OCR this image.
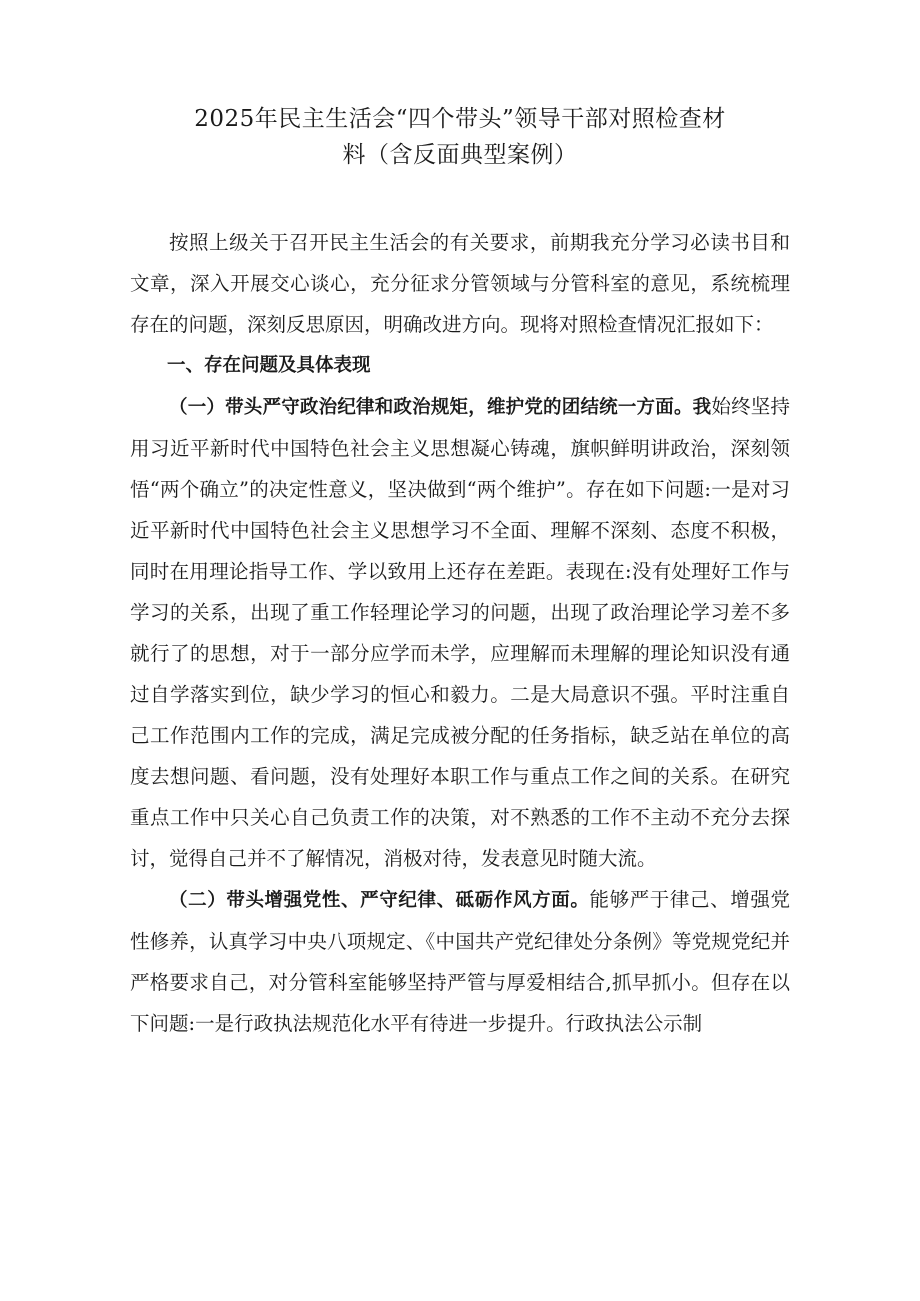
2025年民主生活会“四个带头”领导干部对照检查材
料（含反面典型案例）

按照上级关于召开民主生活会的有关要求，前期我充分学习必读书目和文章，深入开展交心谈心，充分征求分管领域与分管科室的意见，系统梳理存在的问题，深刻反思原因，明确改进方向。现将对照检查情况汇报如下：

一、存在问题及具体表现

（一）带头严守政治纪律和政治规矩，维护党的团结统一方面。我始终坚持用习近平新时代中国特色社会主义思想凝心铸魂，旗帜鲜明讲政治，深刻领悟“两个确立”的决定性意义，坚决做到“两个维护”。存在如下问题:一是对习近平新时代中国特色社会主义思想学习不全面、理解不深刻、态度不积极，同时在用理论指导工作、学以致用上还存在差距。表现在:没有处理好工作与学习的关系，出现了重工作轻理论学习的问题，出现了政治理论学习差不多就行了的思想，对于一部分应学而未学，应理解而未理解的理论知识没有通过自学落实到位，缺少学习的恒心和毅力。二是大局意识不强。平时注重自己工作范围内工作的完成，满足完成被分配的任务指标，缺乏站在单位的高度去想问题、看问题，没有处理好本职工作与重点工作之间的关系。在研究重点工作中只关心自己负责工作的决策，对不熟悉的工作不主动不充分去探讨，觉得自己并不了解情况，消极对待，发表意见时随大流。

（二）带头增强党性、严守纪律、砥砺作风方面。能够严于律己、增强党性修养，认真学习中央八项规定、《中国共产党纪律处分条例》等党规党纪并严格要求自己，对分管科室能够坚持严管与厚爱相结合,抓早抓小。但存在以下问题:一是行政执法规范化水平有待进一步提升。行政执法公示制
